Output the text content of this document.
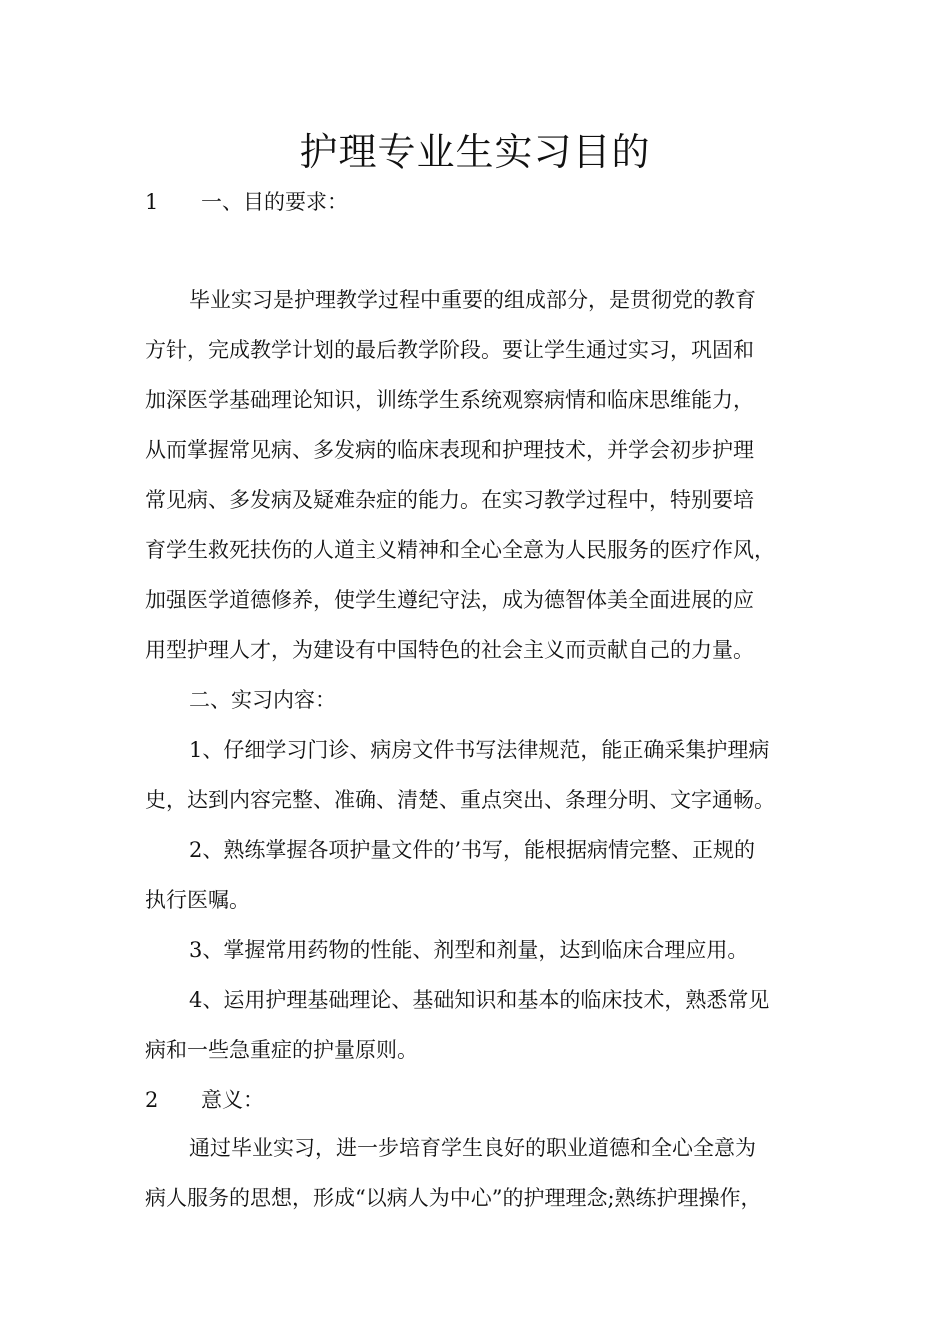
护理专业生实习目的
1 一、目的要求：
毕业实习是护理教学过程中重要的组成部分，是贯彻党的教育
方针，完成教学计划的最后教学阶段。要让学生通过实习，巩固和
加深医学基础理论知识，训练学生系统观察病情和临床思维能力，
从而掌握常见病、多发病的临床表现和护理技术，并学会初步护理
常见病、多发病及疑难杂症的能力。在实习教学过程中，特别要培
育学生救死扶伤的人道主义精神和全心全意为人民服务的医疗作风，
加强医学道德修养，使学生遵纪守法，成为德智体美全面进展的应
用型护理人才，为建设有中国特色的社会主义而贡献自己的力量。
二、实习内容：
1、仔细学习门诊、病房文件书写法律规范，能正确采集护理病
史，达到内容完整、准确、清楚、重点突出、条理分明、文字通畅。
2、熟练掌握各项护量文件的’书写，能根据病情完整、正规的
执行医嘱。
3、掌握常用药物的性能、剂型和剂量，达到临床合理应用。
4、运用护理基础理论、基础知识和基本的临床技术，熟悉常见
病和一些急重症的护量原则。
2 意义：
通过毕业实习，进一步培育学生良好的职业道德和全心全意为
病人服务的思想，形成“以病人为中心”的护理理念;熟练护理操作，
